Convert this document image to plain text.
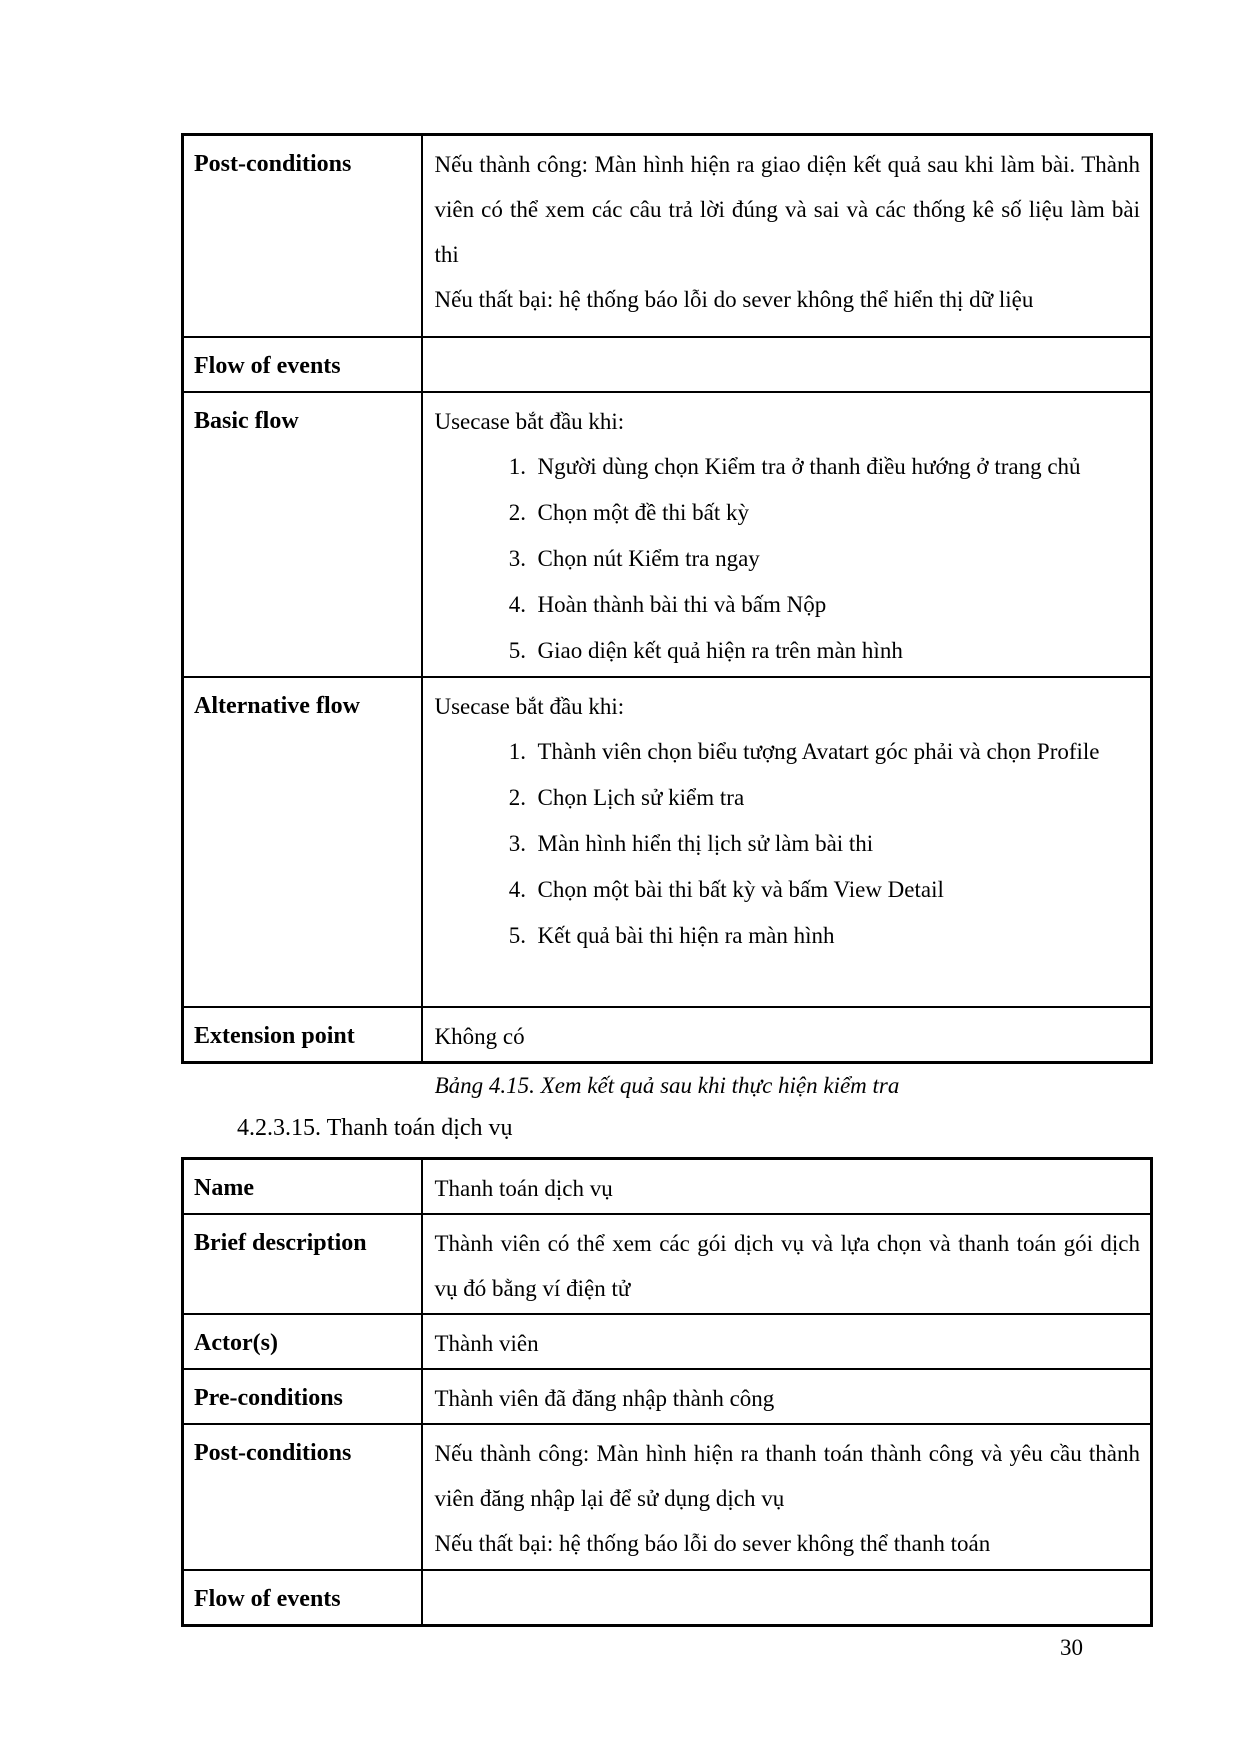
Post-conditions	Nếu thành công: Màn hình hiện ra giao diện kết quả sau khi làm bài. Thành viên có thể xem các câu trả lời đúng và sai và các thống kê số liệu làm bài thi

Nếu thất bại: hệ thống báo lỗi do sever không thể hiển thị dữ liệu

Flow of events	
Basic flow	Usecase bắt đầu khi:

1. Người dùng chọn Kiểm tra ở thanh điều hướng ở trang chủ
2. Chọn một đề thi bất kỳ
3. Chọn nút Kiểm tra ngay
4. Hoàn thành bài thi và bấm Nộp
5. Giao diện kết quả hiện ra trên màn hình

Alternative flow	Usecase bắt đầu khi:

1. Thành viên chọn biểu tượng Avatart góc phải và chọn Profile
2. Chọn Lịch sử kiểm tra
3. Màn hình hiển thị lịch sử làm bài thi
4. Chọn một bài thi bất kỳ và bấm View Detail
5. Kết quả bài thi hiện ra màn hình

Extension point	Không có

Bảng 4.15. Xem kết quả sau khi thực hiện kiểm tra
4.2.3.15. Thanh toán dịch vụ
Name	Thanh toán dịch vụ

Brief description	Thành viên có thể xem các gói dịch vụ và lựa chọn và thanh toán gói dịch vụ đó bằng ví điện tử

Actor(s)	Thành viên

Pre-conditions	Thành viên đã đăng nhập thành công

Post-conditions	Nếu thành công: Màn hình hiện ra thanh toán thành công và yêu cầu thành viên đăng nhập lại để sử dụng dịch vụ

Nếu thất bại: hệ thống báo lỗi do sever không thể thanh toán

Flow of events	
30
